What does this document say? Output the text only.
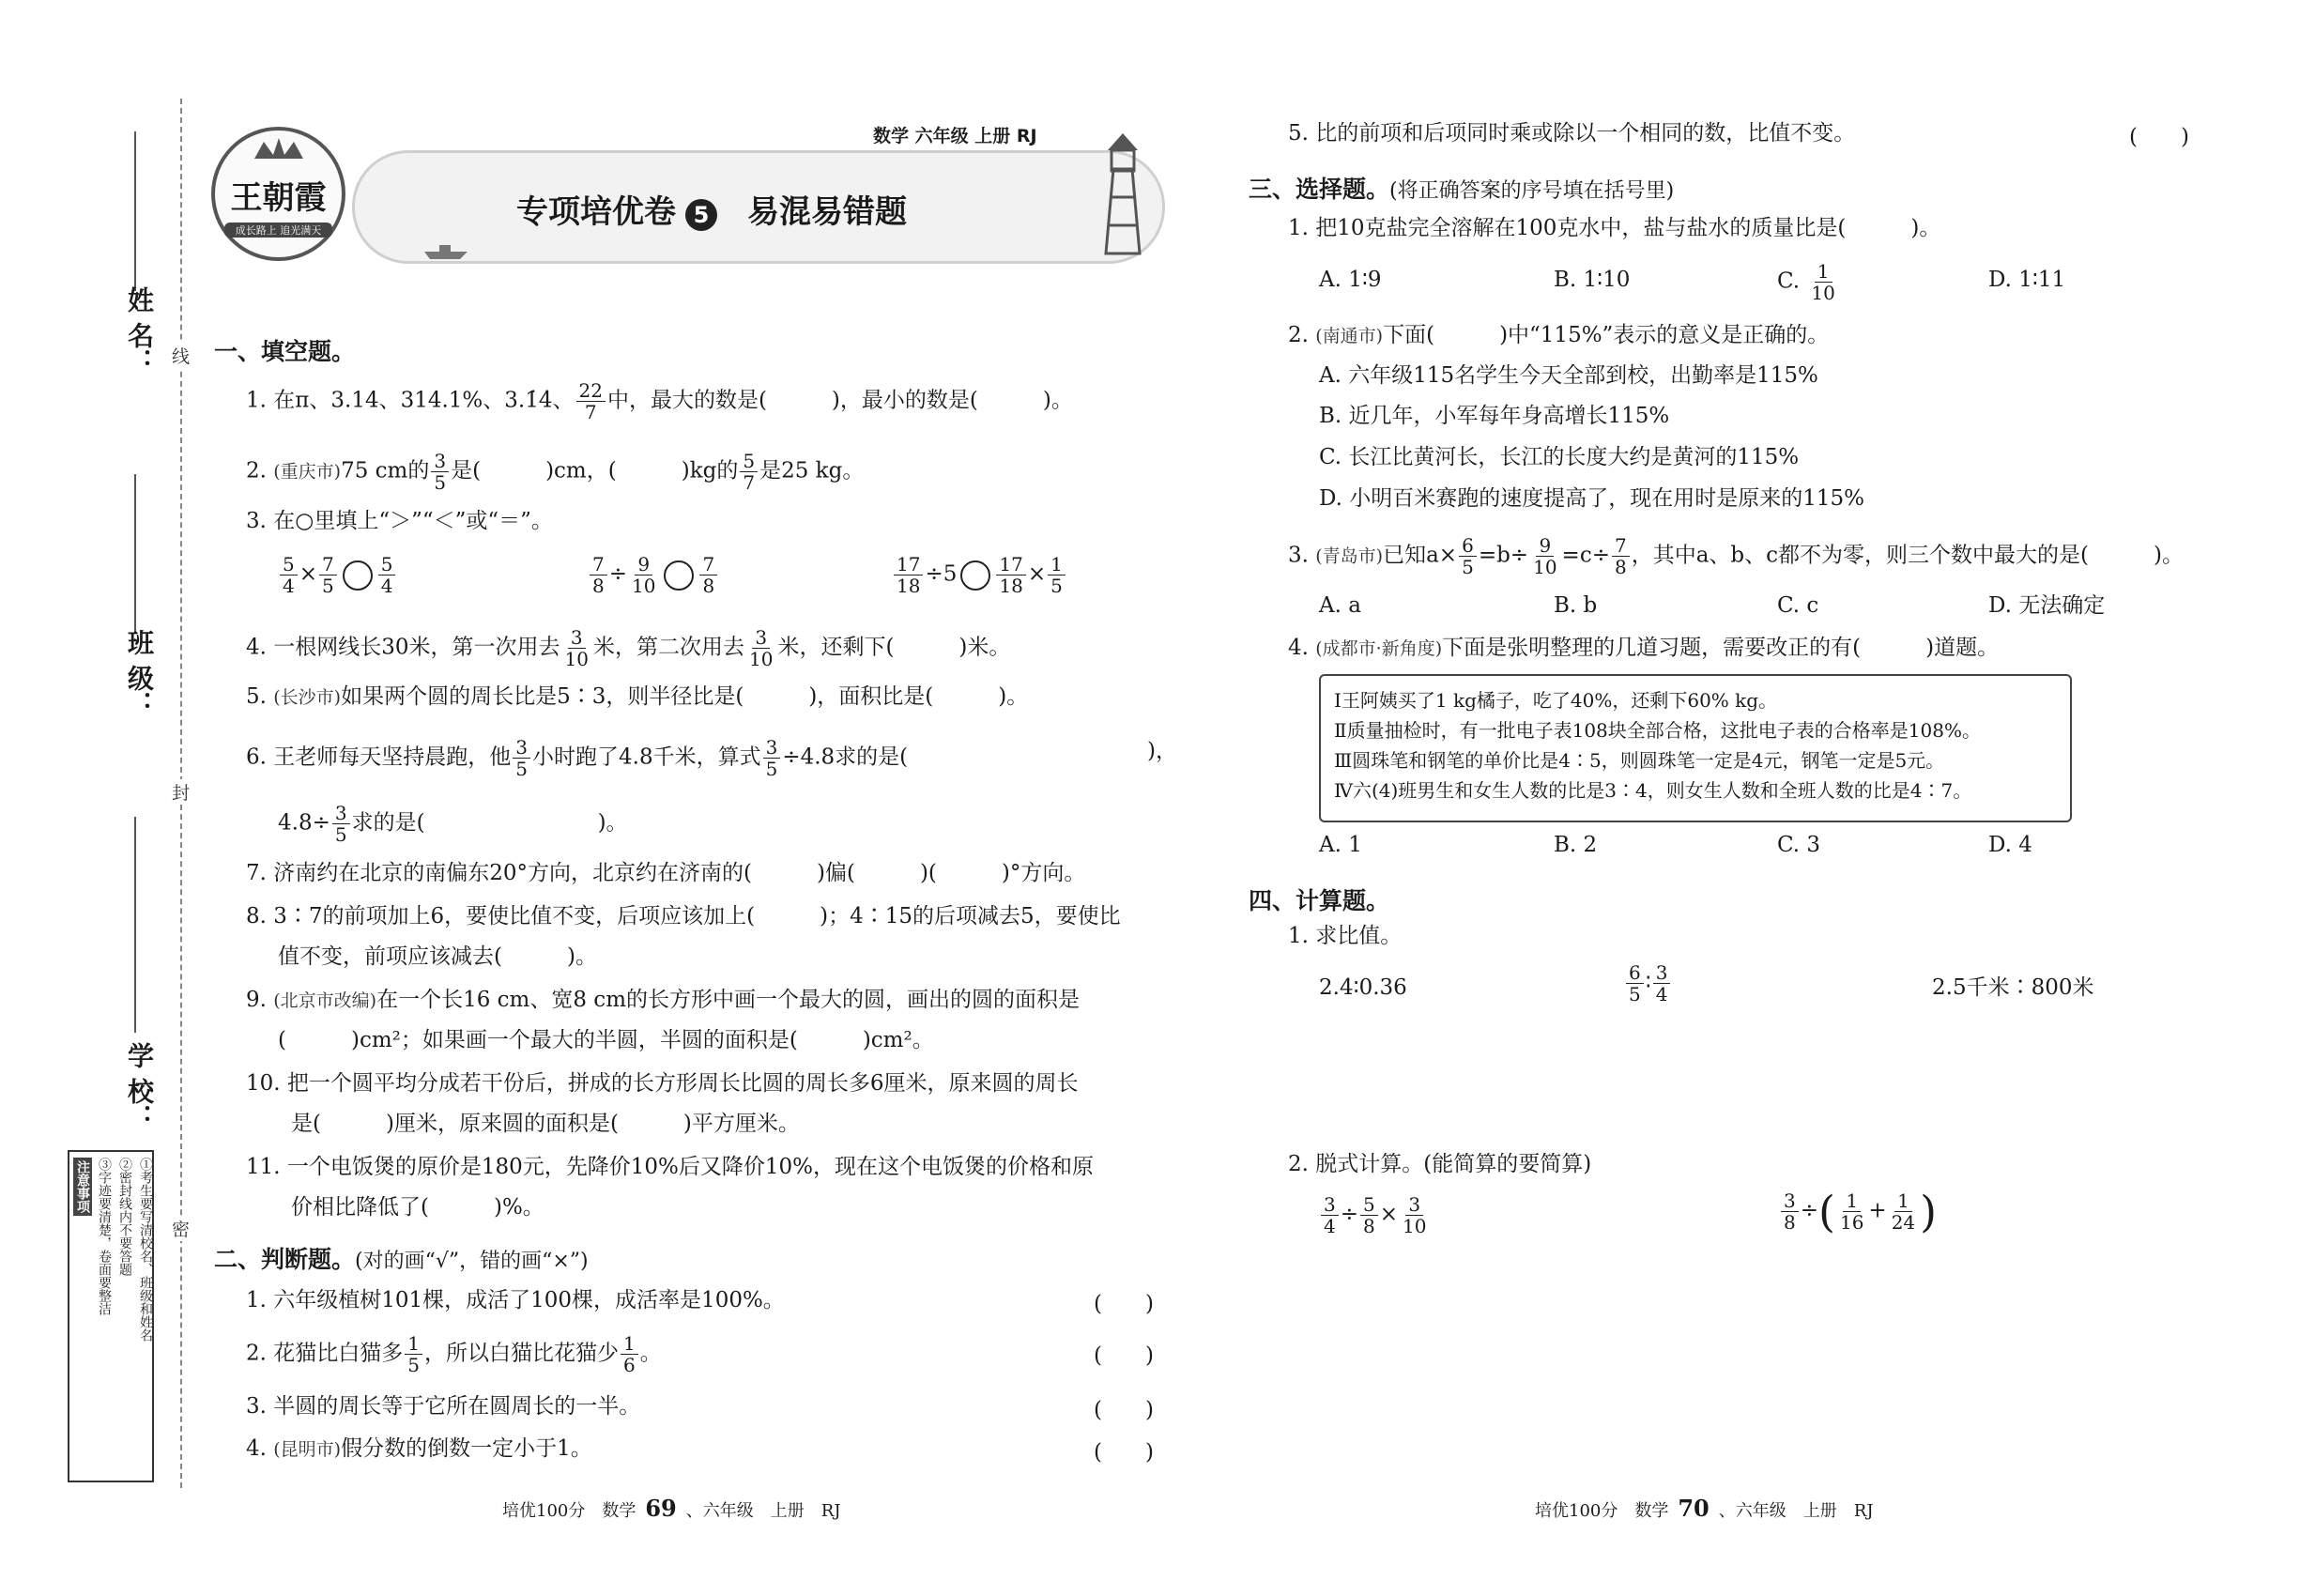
线
封
密
姓 名：
班 级：
学 校：
注意事项	①考生要写清校名、班级和姓名
②密封线内不要答题
③字迹要清楚，卷面要整洁
王朝霞
成长路上 追光满天
数学 六年级 上册 RJ
专项培优卷 5 易混易错题
一、填空题。
1. 在π、3.14、314.1%、3.1̇4̇、 $\frac{22}{7}$ 中，最大的数是(　　　)，最小的数是(　　　)。
2. (重庆市)75 cm的 $\frac{3}{5}$ 是(　　　)cm，(　　　)kg的 $\frac{5}{7}$ 是25 kg。
3. 在○里填上“＞”“＜”或“＝”。
$\frac{5}{4} \times \frac{7}{5} \frac{5}{4}$	$\frac{7}{8} \div \frac{9}{10} \frac{7}{8}$	$\frac{17}{18} \div 5 \frac{17}{18} \times \frac{1}{5}$
4. 一根网线长30米，第一次用去 $\frac{3}{10}$ 米，第二次用去 $\frac{3}{10}$ 米，还剩下(　　　)米。
5. (长沙市)如果两个圆的周长比是5∶3，则半径比是(　　　)，面积比是(　　　)。
6. 王老师每天坚持晨跑，他 $\frac{3}{5}$ 小时跑了4.8千米，算式 $\frac{3}{5} \div 4.8$求的是(	)，
$4.8\div \frac{3}{5}$ 求的是(　　　　　　　　)。
7. 济南约在北京的南偏东20°方向，北京约在济南的(　　　)偏(　　　)(　　　)°方向。
8. 3∶7的前项加上6，要使比值不变，后项应该加上(　　　)；4∶15的后项减去5，要使比
值不变，前项应该减去(　　　)。
9. (北京市改编)在一个长16 cm、宽8 cm的长方形中画一个最大的圆，画出的圆的面积是
(　　　)cm²；如果画一个最大的半圆，半圆的面积是(　　　)cm²。
10. 把一个圆平均分成若干份后，拼成的长方形周长比圆的周长多6厘米，原来圆的周长
是(　　　)厘米，原来圆的面积是(　　　)平方厘米。
11. 一个电饭煲的原价是180元，先降价10%后又降价10%，现在这个电饭煲的价格和原
价相比降低了(　　　)%。
二、判断题。(对的画“√”，错的画“×”)
1. 六年级植树101棵，成活了100棵，成活率是100%。	(　　)
2. 花猫比白猫多 $\frac{1}{5}$ ，所以白猫比花猫少 $\frac{1}{6}$ 。	(　　)
3. 半圆的周长等于它所在圆周长的一半。	(　　)
4. (昆明市)假分数的倒数一定小于1。	(　　)
培优100分　数学 69 、六年级　上册　RJ
5. 比的前项和后项同时乘或除以一个相同的数，比值不变。	(　　)
三、选择题。(将正确答案的序号填在括号里)
1. 把10克盐完全溶解在100克水中，盐与盐水的质量比是(　　　)。
A. 1∶9	B. 1∶10	C. $\frac{1}{10}$	D. 1∶11
2. (南通市)下面(　　　)中“115%”表示的意义是正确的。
A. 六年级115名学生今天全部到校，出勤率是115%
B. 近几年，小军每年身高增长115%
C. 长江比黄河长，长江的长度大约是黄河的115%
D. 小明百米赛跑的速度提高了，现在用时是原来的115%
3. (青岛市)已知$a\times \frac{6}{5} =b\div \frac{9}{10} =c\div \frac{7}{8}$ ，其中a、b、c都不为零，则三个数中最大的是(　　　)。
A. a	B. b	C. c	D. 无法确定
4. (成都市·新角度)下面是张明整理的几道习题，需要改正的有(　　　)道题。
Ⅰ王阿姨买了1 kg橘子，吃了40%，还剩下60% kg。
Ⅱ质量抽检时，有一批电子表108块全部合格，这批电子表的合格率是108%。
Ⅲ圆珠笔和钢笔的单价比是4∶5，则圆珠笔一定是4元，钢笔一定是5元。
Ⅳ六(4)班男生和女生人数的比是3∶4，则女生人数和全班人数的比是4∶7。
A. 1	B. 2	C. 3	D. 4
四、计算题。
1. 求比值。
2.4∶0.36	$\frac{6}{5}$ ∶ $\frac{3}{4}$	2.5千米∶800米
2. 脱式计算。(能简算的要简算)
$\frac{3}{4} \div \frac{5}{8} \times \frac{3}{10}$	$\frac{3}{8}$ ÷( $\frac{1}{16} + \frac{1}{24}$ )
培优100分　数学 70 、六年级　上册　RJ
